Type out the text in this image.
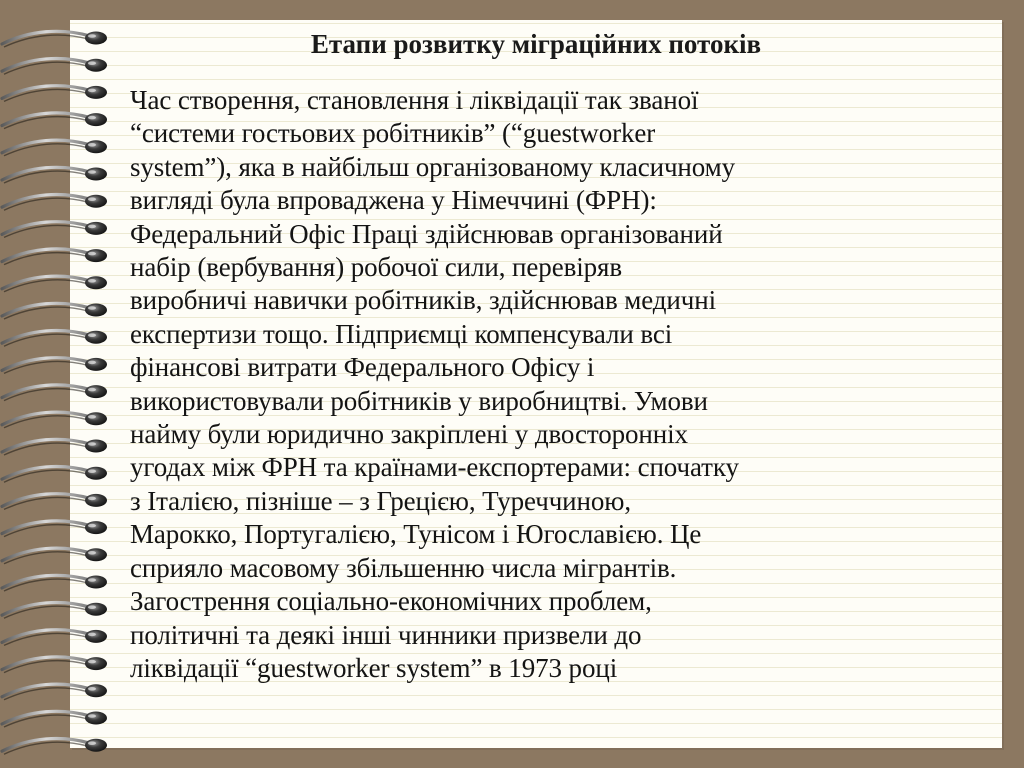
Етапи розвитку міграційних потоків

Час створення, становлення і ліквідації так званої
“системи гостьових робітників” (“guestworker
system”), яка в найбільш організованому класичному
вигляді була впроваджена у Німеччині (ФРН):
Федеральний Офіс Праці здійснював організований
набір (вербування) робочої сили, перевіряв
виробничі навички робітників, здійснював медичні
експертизи тощо. Підприємці компенсували всі
фінансові витрати Федерального Офісу і
використовували робітників у виробництві. Умови
найму були юридично закріплені у двосторонніх
угодах між ФРН та країнами-експортерами: спочатку
з Італією, пізніше – з Грецією, Туреччиною,
Марокко, Португалією, Тунісом і Югославією. Це
сприяло масовому збільшенню числа мігрантів.
Загострення соціально-економічних проблем,
політичні та деякі інші чинники призвели до
ліквідації “guestworker system” в 1973 році
